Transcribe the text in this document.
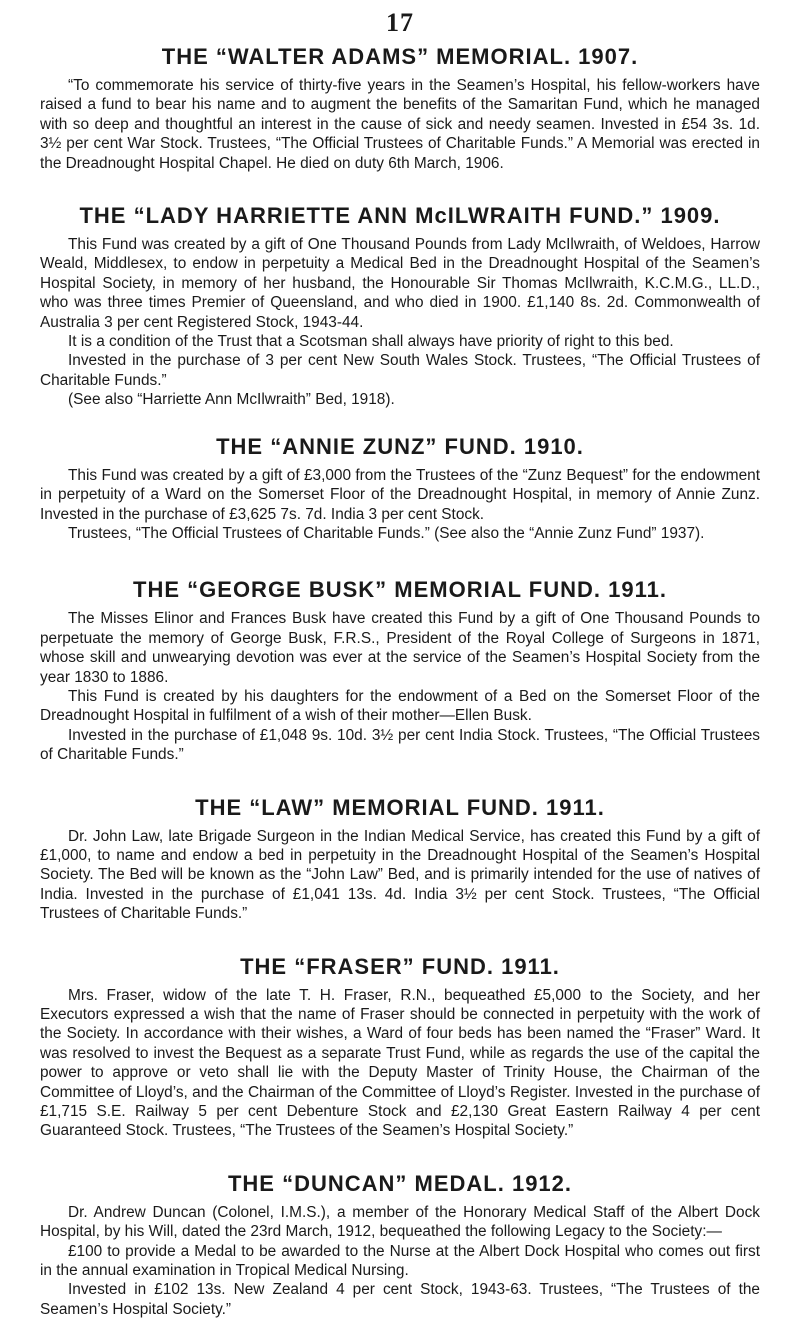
17
THE “WALTER ADAMS” MEMORIAL. 1907.

“To commemorate his service of thirty-five years in the Seamen’s Hospital, his fellow-workers have raised a fund to bear his name and to augment the benefits of the Samaritan Fund, which he managed with so deep and thoughtful an interest in the cause of sick and needy seamen. Invested in £54 3s. 1d. 3½ per cent War Stock. Trustees, “The Official Trustees of Charitable Funds.” A Memorial was erected in the Dreadnought Hospital Chapel. He died on duty 6th March, 1906.

THE “LADY HARRIETTE ANN McILWRAITH FUND.” 1909.

This Fund was created by a gift of One Thousand Pounds from Lady McIlwraith, of Weldoes, Harrow Weald, Middlesex, to endow in perpetuity a Medical Bed in the Dreadnought Hospital of the Seamen’s Hospital Society, in memory of her husband, the Honourable Sir Thomas McIlwraith, K.C.M.G., LL.D., who was three times Premier of Queensland, and who died in 1900. £1,140 8s. 2d. Commonwealth of Australia 3 per cent Registered Stock, 1943-44.

It is a condition of the Trust that a Scotsman shall always have priority of right to this bed.

Invested in the purchase of 3 per cent New South Wales Stock. Trustees, “The Official Trustees of Charitable Funds.”

(See also “Harriette Ann McIlwraith” Bed, 1918).

THE “ANNIE ZUNZ” FUND. 1910.

This Fund was created by a gift of £3,000 from the Trustees of the “Zunz Bequest” for the endowment in perpetuity of a Ward on the Somerset Floor of the Dreadnought Hospital, in memory of Annie Zunz. Invested in the purchase of £3,625 7s. 7d. India 3 per cent Stock.

Trustees, “The Official Trustees of Charitable Funds.” (See also the “Annie Zunz Fund” 1937).

THE “GEORGE BUSK” MEMORIAL FUND. 1911.

The Misses Elinor and Frances Busk have created this Fund by a gift of One Thousand Pounds to perpetuate the memory of George Busk, F.R.S., President of the Royal College of Surgeons in 1871, whose skill and unwearying devotion was ever at the service of the Seamen’s Hospital Society from the year 1830 to 1886.

This Fund is created by his daughters for the endowment of a Bed on the Somerset Floor of the Dreadnought Hospital in fulfilment of a wish of their mother—Ellen Busk.

Invested in the purchase of £1,048 9s. 10d. 3½ per cent India Stock. Trustees, “The Official Trustees of Charitable Funds.”

THE “LAW” MEMORIAL FUND. 1911.

Dr. John Law, late Brigade Surgeon in the Indian Medical Service, has created this Fund by a gift of £1,000, to name and endow a bed in perpetuity in the Dreadnought Hospital of the Seamen’s Hospital Society. The Bed will be known as the “John Law” Bed, and is primarily intended for the use of natives of India. Invested in the purchase of £1,041 13s. 4d. India 3½ per cent Stock. Trustees, “The Official Trustees of Charitable Funds.”

THE “FRASER” FUND. 1911.

Mrs. Fraser, widow of the late T. H. Fraser, R.N., bequeathed £5,000 to the Society, and her Executors expressed a wish that the name of Fraser should be connected in perpetuity with the work of the Society. In accordance with their wishes, a Ward of four beds has been named the “Fraser” Ward. It was resolved to invest the Bequest as a separate Trust Fund, while as regards the use of the capital the power to approve or veto shall lie with the Deputy Master of Trinity House, the Chairman of the Committee of Lloyd’s, and the Chairman of the Committee of Lloyd’s Register. Invested in the purchase of £1,715 S.E. Railway 5 per cent Debenture Stock and £2,130 Great Eastern Railway 4 per cent Guaranteed Stock. Trustees, “The Trustees of the Seamen’s Hospital Society.”

THE “DUNCAN” MEDAL. 1912.

Dr. Andrew Duncan (Colonel, I.M.S.), a member of the Honorary Medical Staff of the Albert Dock Hospital, by his Will, dated the 23rd March, 1912, bequeathed the following Legacy to the Society:—

£100 to provide a Medal to be awarded to the Nurse at the Albert Dock Hospital who comes out first in the annual examination in Tropical Medical Nursing.

Invested in £102 13s. New Zealand 4 per cent Stock, 1943-63. Trustees, “The Trustees of the Seamen’s Hospital Society.”
